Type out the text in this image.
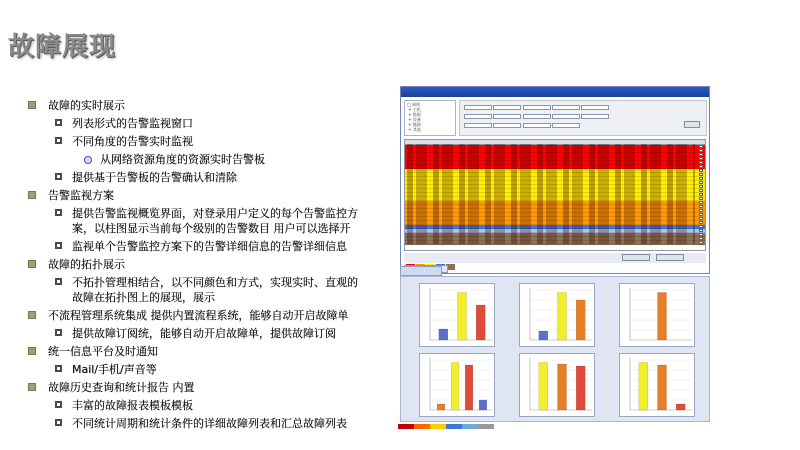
故障展现
故障的实时展示
列表形式的告警监视窗口
不同角度的告警实时监视
从网络资源角度的资源实时告警板
提供基于告警板的告警确认和清除
告警监视方案
提供告警监视概览界面，对登录用户定义的每个告警监控方
案，以柱图显示当前每个级别的告警数目 用户可以选择开
监视单个告警监控方案下的告警详细信息的告警详细信息
故障的拓扑展示
不拓扑管理相结合，以不同颜色和方式，实现实时、直观的
故障在拓扑图上的展现，展示
不流程管理系统集成 提供内置流程系统，能够自动开启故障单
提供故障订阅统，能够自动开启故障单，提供故障订阅
统一信息平台及时通知
Mail/手机/声音等
故障历史查询和统计报告 内置
丰富的故障报表模板模板
不同统计周期和统计条件的详细故障列表和汇总故障列表
□ 网络
+ 主机
+ 数据
+ 设备
+ 链路
+ 其他
